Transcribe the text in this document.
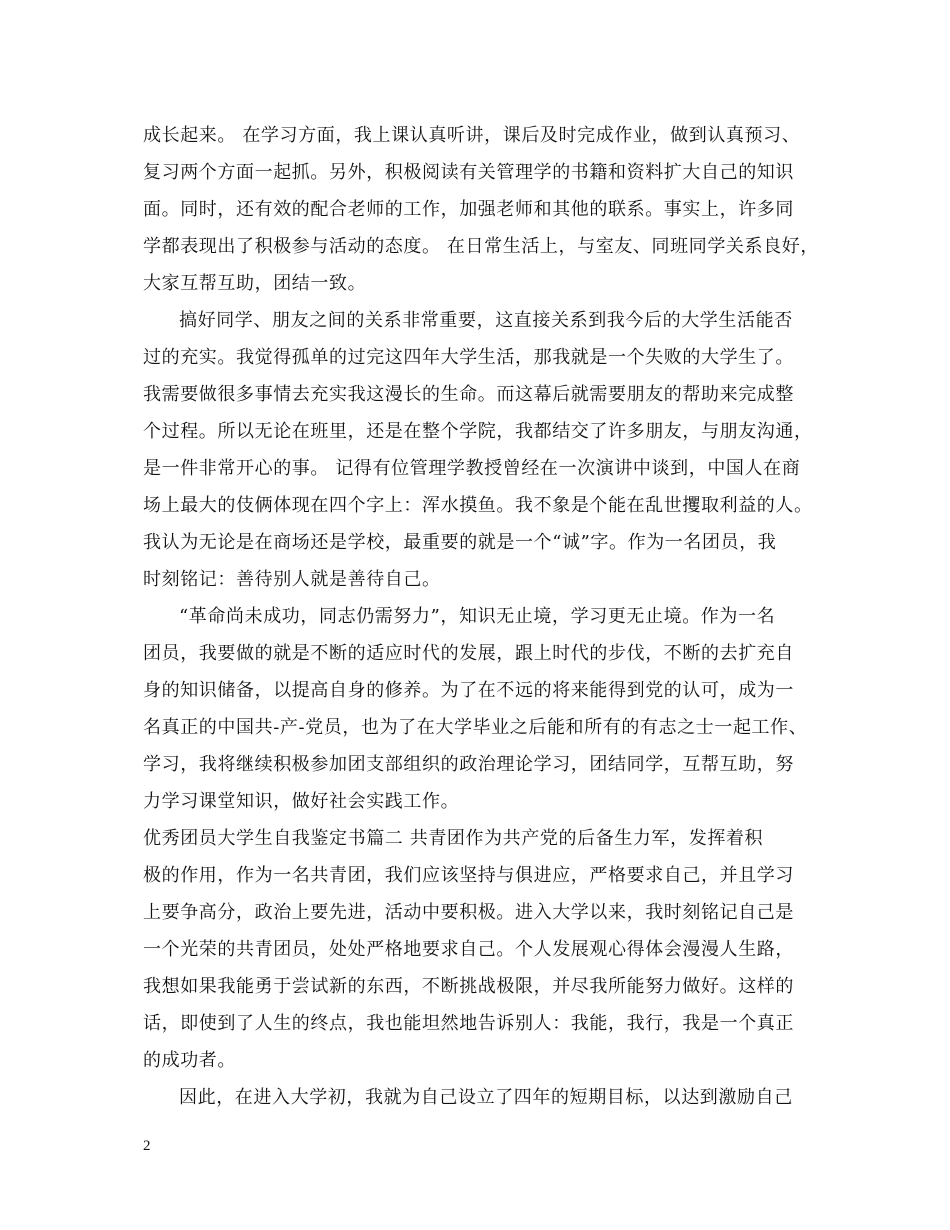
成长起来。 在学习方面，我上课认真听讲，课后及时完成作业，做到认真预习、
复习两个方面一起抓。另外，积极阅读有关管理学的书籍和资料扩大自己的知识
面。同时，还有效的配合老师的工作，加强老师和其他的联系。事实上，许多同
学都表现出了积极参与活动的态度。 在日常生活上，与室友、同班同学关系良好，
大家互帮互助，团结一致。
搞好同学、朋友之间的关系非常重要，这直接关系到我今后的大学生活能否
过的充实。我觉得孤单的过完这四年大学生活，那我就是一个失败的大学生了。
我需要做很多事情去充实我这漫长的生命。而这幕后就需要朋友的帮助来完成整
个过程。所以无论在班里，还是在整个学院，我都结交了许多朋友，与朋友沟通，
是一件非常开心的事。 记得有位管理学教授曾经在一次演讲中谈到，中国人在商
场上最大的伎俩体现在四个字上：浑水摸鱼。我不象是个能在乱世攫取利益的人。
我认为无论是在商场还是学校，最重要的就是一个“诚”字。作为一名团员，我
时刻铭记：善待别人就是善待自己。
“革命尚未成功，同志仍需努力”，知识无止境，学习更无止境。作为一名
团员，我要做的就是不断的适应时代的发展，跟上时代的步伐，不断的去扩充自
身的知识储备，以提高自身的修养。为了在不远的将来能得到党的认可，成为一
名真正的中国共-产-党员，也为了在大学毕业之后能和所有的有志之士一起工作、
学习，我将继续积极参加团支部组织的政治理论学习，团结同学，互帮互助，努
力学习课堂知识，做好社会实践工作。
优秀团员大学生自我鉴定书篇二 共青团作为共产党的后备生力军，发挥着积
极的作用，作为一名共青团，我们应该坚持与俱进应，严格要求自己，并且学习
上要争高分，政治上要先进，活动中要积极。进入大学以来，我时刻铭记自己是
一个光荣的共青团员，处处严格地要求自己。个人发展观心得体会漫漫人生路，
我想如果我能勇于尝试新的东西，不断挑战极限，并尽我所能努力做好。这样的
话，即使到了人生的终点，我也能坦然地告诉别人：我能，我行，我是一个真正
的成功者。
因此，在进入大学初，我就为自己设立了四年的短期目标，以达到激励自己
2
